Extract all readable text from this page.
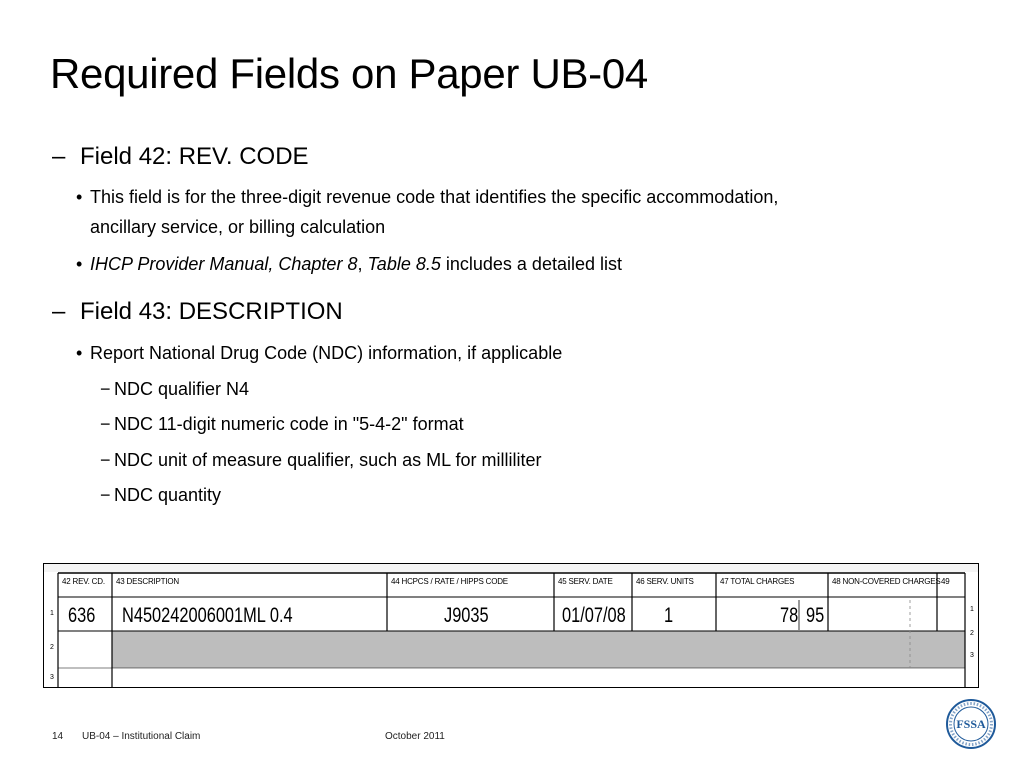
Required Fields on Paper UB-04
– Field 42: REV. CODE
• This field is for the three-digit revenue code that identifies the specific accommodation, ancillary service, or billing calculation
• IHCP Provider Manual, Chapter 8, Table 8.5 includes a detailed list
– Field 43: DESCRIPTION
• Report National Drug Code (NDC) information, if applicable
− NDC qualifier N4
− NDC 11-digit numeric code in "5-4-2" format
− NDC unit of measure qualifier, such as ML for milliliter
− NDC quantity
42 REV. CD. 43 DESCRIPTION	44 HCPCS / RATE / HIPPS CODE	45 SERV. DATE	46 SERV. UNITS	47 TOTAL CHARGES	48 NON-COVERED CHARGES 49
636 N450242006001ML 0.4	J9035	01/07/08 1	78 95
1
2
3
1
2
3
14 UB-04 – Institutional Claim	October 2011
FSSA
